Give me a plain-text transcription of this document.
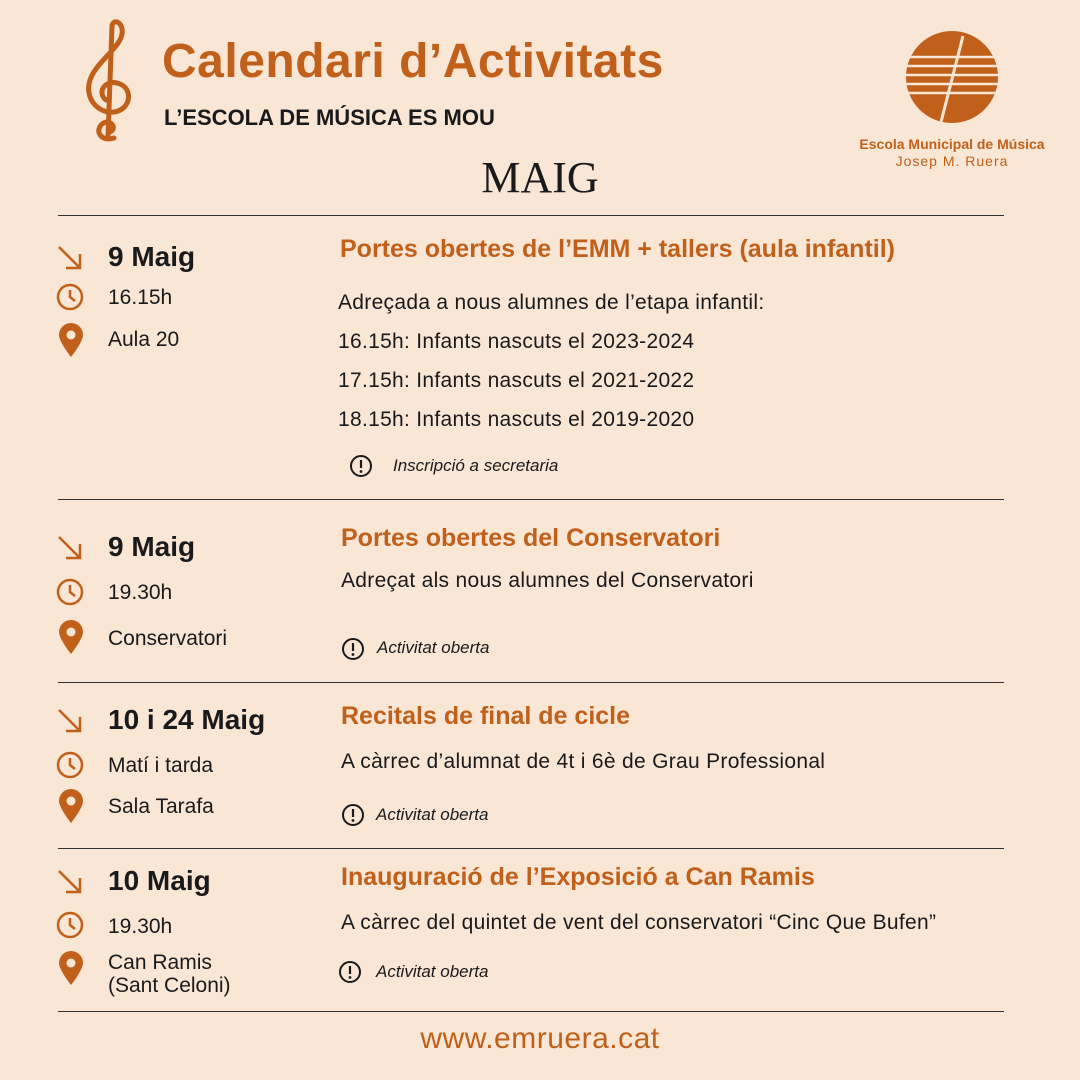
Calendari d’Activitats
L’ESCOLA DE MÚSICA ES MOU
MAIG
Escola Municipal de Música
Josep M. Ruera
9 Maig
16.15h
Aula 20
Portes obertes de l’EMM + tallers (aula infantil)
Adreçada a nous alumnes de l’etapa infantil:
16.15h: Infants nascuts el 2023-2024
17.15h: Infants nascuts el 2021-2022
18.15h: Infants nascuts el 2019-2020
Inscripció a secretaria
9 Maig
19.30h
Conservatori
Portes obertes del Conservatori
Adreçat als nous alumnes del Conservatori
Activitat oberta
10 i 24 Maig
Matí i tarda
Sala Tarafa
Recitals de final de cicle
A càrrec d’alumnat de 4t i 6è de Grau Professional
Activitat oberta
10 Maig
19.30h
Can Ramis
(Sant Celoni)
Inauguració de l’Exposició a Can Ramis
A càrrec del quintet de vent del conservatori “Cinc Que Bufen”
Activitat oberta
www.emruera.cat
